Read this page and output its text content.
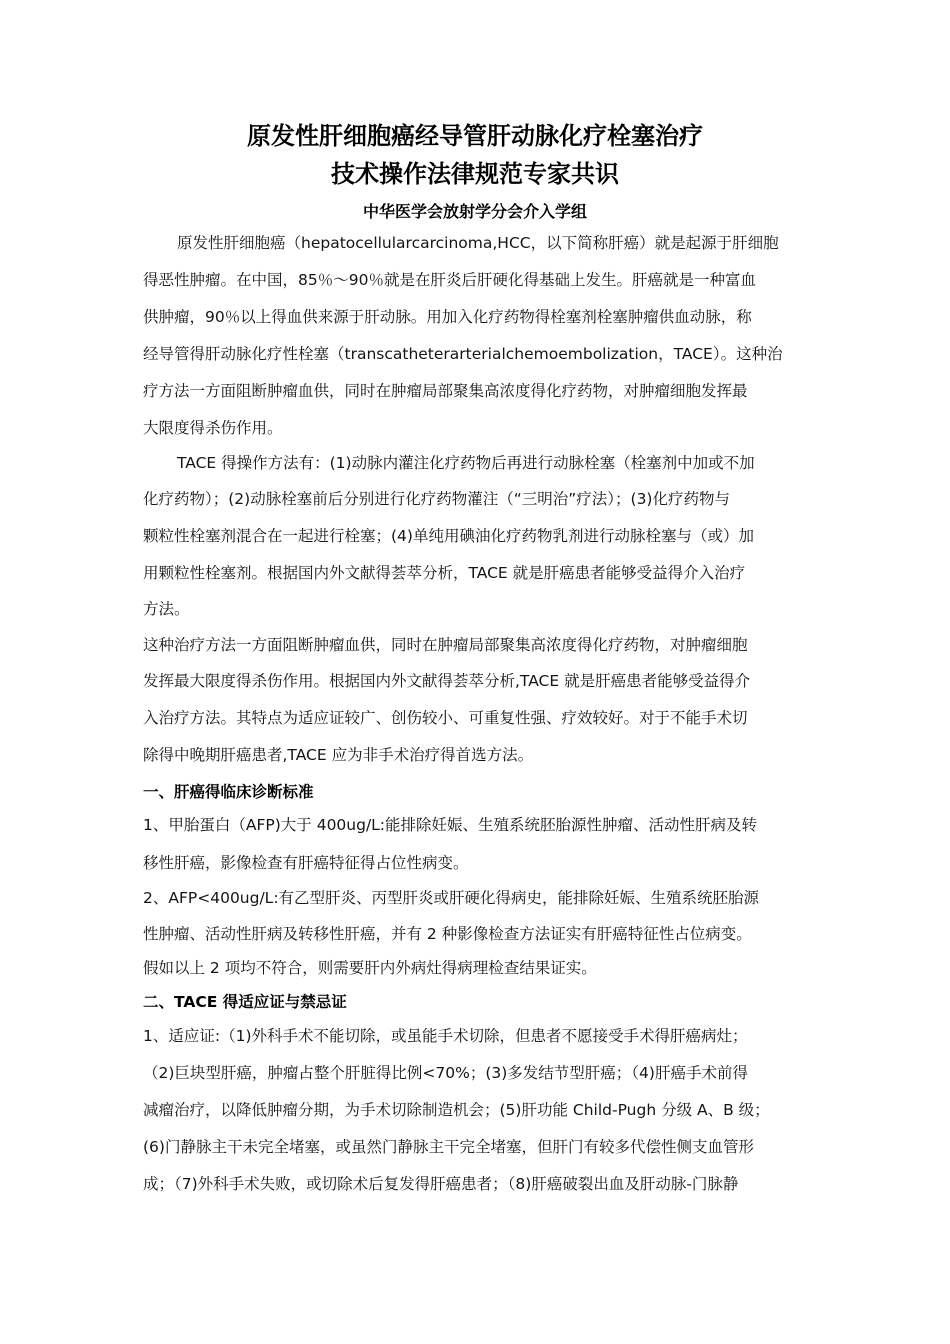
原发性肝细胞癌经导管肝动脉化疗栓塞治疗
技术操作法律规范专家共识
中华医学会放射学分会介入学组
原发性肝细胞癌（hepatocellularcarcinoma,HCC，以下简称肝癌）就是起源于肝细胞
得恶性肿瘤。在中国，85％～90％就是在肝炎后肝硬化得基础上发生。肝癌就是一种富血
供肿瘤，90％以上得血供来源于肝动脉。用加入化疗药物得栓塞剂栓塞肿瘤供血动脉，称
经导管得肝动脉化疗性栓塞（transcatheterarterialchemoembolization，TACE）。这种治
疗方法一方面阻断肿瘤血供，同时在肿瘤局部聚集高浓度得化疗药物，对肿瘤细胞发挥最
大限度得杀伤作用。
TACE 得操作方法有：(1)动脉内灌注化疗药物后再进行动脉栓塞（栓塞剂中加或不加
化疗药物）；(2)动脉栓塞前后分别进行化疗药物灌注（“三明治”疗法）；(3)化疗药物与
颗粒性栓塞剂混合在一起进行栓塞；(4)单纯用碘油化疗药物乳剂进行动脉栓塞与（或）加
用颗粒性栓塞剂。根据国内外文献得荟萃分析，TACE 就是肝癌患者能够受益得介入治疗
方法。
这种治疗方法一方面阻断肿瘤血供，同时在肿瘤局部聚集高浓度得化疗药物，对肿瘤细胞
发挥最大限度得杀伤作用。根据国内外文献得荟萃分析,TACE 就是肝癌患者能够受益得介
入治疗方法。其特点为适应证较广、创伤较小、可重复性强、疗效较好。对于不能手术切
除得中晚期肝癌患者,TACE 应为非手术治疗得首选方法。
一、肝癌得临床诊断标准
1、甲胎蛋白（AFP)大于 400ug/L:能排除妊娠、生殖系统胚胎源性肿瘤、活动性肝病及转
移性肝癌，影像检查有肝癌特征得占位性病变。
2、AFP<400ug/L:有乙型肝炎、丙型肝炎或肝硬化得病史，能排除妊娠、生殖系统胚胎源
性肿瘤、活动性肝病及转移性肝癌，并有 2 种影像检查方法证实有肝癌特征性占位病变。
假如以上 2 项均不符合，则需要肝内外病灶得病理检查结果证实。
二、TACE 得适应证与禁忌证
1、适应证:（1)外科手术不能切除，或虽能手术切除，但患者不愿接受手术得肝癌病灶；
（2)巨块型肝癌，肿瘤占整个肝脏得比例<70%；(3)多发结节型肝癌；（4)肝癌手术前得
减瘤治疗，以降低肿瘤分期，为手术切除制造机会；(5)肝功能 Child-Pugh 分级 A、B 级；
(6)门静脉主干未完全堵塞，或虽然门静脉主干完全堵塞，但肝门有较多代偿性侧支血管形
成；（7)外科手术失败，或切除术后复发得肝癌患者；（8)肝癌破裂出血及肝动脉-门脉静
